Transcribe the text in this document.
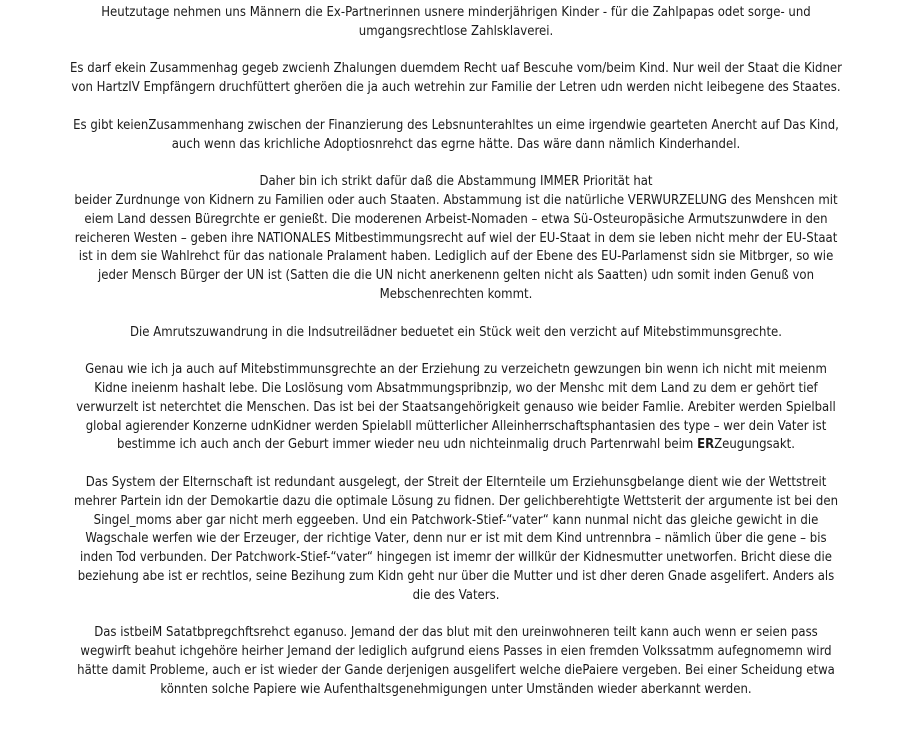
Heutzutage nehmen uns Männern die Ex-Partnerinnen usnere minderjährigen Kinder - für die Zahlpapas odet sorge- und
umgangsrechtlose Zahlsklaverei.

Es darf ekein Zusammenhag gegeb zwcienh Zhalungen duemdem Recht uaf Bescuhe vom/beim Kind. Nur weil der Staat die Kidner
von HartzIV Empfängern druchfüttert gheröen die ja auch wetrehin zur Familie der Letren udn werden nicht leibegene des Staates.

Es gibt keienZusammenhang zwischen der Finanzierung des Lebsnunterahltes un eime irgendwie gearteten Anercht auf Das Kind,
auch wenn das krichliche Adoptiosnrehct das egrne hätte. Das wäre dann nämlich Kinderhandel.

Daher bin ich strikt dafür daß die Abstammung IMMER Priorität hat
beider Zurdnunge von Kidnern zu Familien oder auch Staaten. Abstammung ist die natürliche VERWURZELUNG des Menshcen mit
eiem Land dessen Büregrchte er genießt. Die moderenen Arbeist-Nomaden – etwa Sü-Osteuropäsiche Armutszunwdere in den
reicheren Westen – geben ihre NATIONALES Mitbestimmungsrecht auf wiel der EU-Staat in dem sie leben nicht mehr der EU-Staat
ist in dem sie Wahlrehct für das nationale Pralament haben. Lediglich auf der Ebene des EU-Parlamenst sidn sie Mitbrger, so wie
jeder Mensch Bürger der UN ist (Satten die die UN nicht anerkenenn gelten nicht als Saatten) udn somit inden Genuß von
Mebschenrechten kommt.

Die Amrutszuwandrung in die Indsutreilädner beduetet ein Stück weit den verzicht auf Mitebstimmunsgrechte.

Genau wie ich ja auch auf Mitebstimmunsgrechte an der Erziehung zu verzeichetn gewzungen bin wenn ich nicht mit meienm
Kidne ineienm hashalt lebe. Die Loslösung vom Absatmmungspribnzip, wo der Menshc mit dem Land zu dem er gehört tief
verwurzelt ist neterchtet die Menschen. Das ist bei der Staatsangehörigkeit genauso wie beider Famlie. Arebiter werden Spielball
global agierender Konzerne udnKidner werden Spielabll mütterlicher Alleinherrschaftsphantasien des type – wer dein Vater ist
bestimme ich auch anch der Geburt immer wieder neu udn nichteinmalig druch Partenrwahl beim ERZeugungsakt.

Das System der Elternschaft ist redundant ausgelegt, der Streit der Elternteile um Erziehunsgbelange dient wie der Wettstreit
mehrer Partein idn der Demokartie dazu die optimale Lösung zu fidnen. Der gelichberehtigte Wettsterit der argumente ist bei den
Singel_moms aber gar nicht merh eggeeben. Und ein Patchwork-Stief-“vater“ kann nunmal nicht das gleiche gewicht in die
Wagschale werfen wie der Erzeuger, der richtige Vater, denn nur er ist mit dem Kind untrennbra – nämlich über die gene – bis
inden Tod verbunden. Der Patchwork-Stief-“vater“ hingegen ist imemr der willkür der Kidnesmutter unetworfen. Bricht diese die
beziehung abe ist er rechtlos, seine Bezihung zum Kidn geht nur über die Mutter und ist dher deren Gnade asgelifert. Anders als
die des Vaters.

Das istbeiM Satatbpregchftsrehct eganuso. Jemand der das blut mit den ureinwohneren teilt kann auch wenn er seien pass
wegwirft beahut ichgehöre heirher Jemand der lediglich aufgrund eiens Passes in eien fremden Volkssatmm aufegnomemn wird
hätte damit Probleme, auch er ist wieder der Gande derjenigen ausgelifert welche diePaiere vergeben. Bei einer Scheidung etwa
könnten solche Papiere wie Aufenthaltsgenehmigungen unter Umständen wieder aberkannt werden.
